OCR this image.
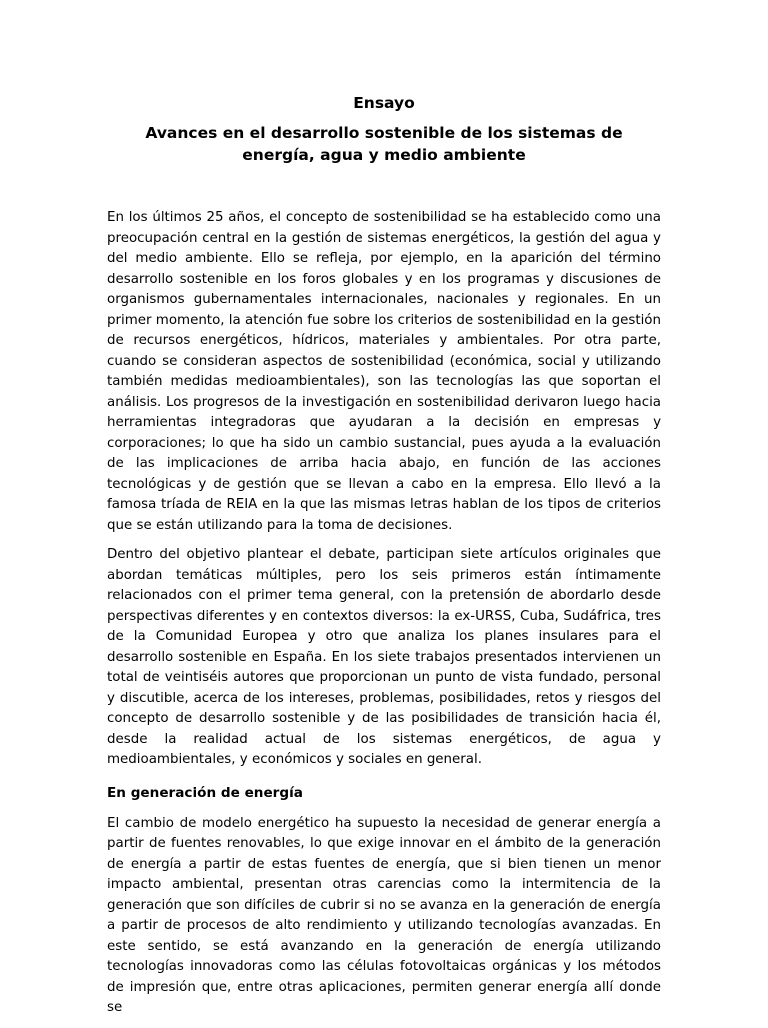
Ensayo
Avances en el desarrollo sostenible de los sistemas de energía, agua y medio ambiente

En los últimos 25 años, el concepto de sostenibilidad se ha establecido como una preocupación central en la gestión de sistemas energéticos, la gestión del agua y del medio ambiente. Ello se refleja, por ejemplo, en la aparición del término desarrollo sostenible en los foros globales y en los programas y discusiones de organismos gubernamentales internacionales, nacionales y regionales. En un primer momento, la atención fue sobre los criterios de sostenibilidad en la gestión de recursos energéticos, hídricos, materiales y ambientales. Por otra parte, cuando se consideran aspectos de sostenibilidad (económica, social y utilizando también medidas medioambientales), son las tecnologías las que soportan el análisis. Los progresos de la investigación en sostenibilidad derivaron luego hacia herramientas integradoras que ayudaran a la decisión en empresas y corporaciones; lo que ha sido un cambio sustancial, pues ayuda a la evaluación de las implicaciones de arriba hacia abajo, en función de las acciones tecnológicas y de gestión que se llevan a cabo en la empresa. Ello llevó a la famosa tríada de REIA en la que las mismas letras hablan de los tipos de criterios que se están utilizando para la toma de decisiones.

Dentro del objetivo plantear el debate, participan siete artículos originales que abordan temáticas múltiples, pero los seis primeros están íntimamente relacionados con el primer tema general, con la pretensión de abordarlo desde perspectivas diferentes y en contextos diversos: la ex-URSS, Cuba, Sudáfrica, tres de la Comunidad Europea y otro que analiza los planes insulares para el desarrollo sostenible en España. En los siete trabajos presentados intervienen un total de veintiséis autores que proporcionan un punto de vista fundado, personal y discutible, acerca de los intereses, problemas, posibilidades, retos y riesgos del concepto de desarrollo sostenible y de las posibilidades de transición hacia él, desde la realidad actual de los sistemas energéticos, de agua y medioambientales, y económicos y sociales en general.

En generación de energía

El cambio de modelo energético ha supuesto la necesidad de generar energía a partir de fuentes renovables, lo que exige innovar en el ámbito de la generación de energía a partir de estas fuentes de energía, que si bien tienen un menor impacto ambiental, presentan otras carencias como la intermitencia de la generación que son difíciles de cubrir si no se avanza en la generación de energía a partir de procesos de alto rendimiento y utilizando tecnologías avanzadas. En este sentido, se está avanzando en la generación de energía utilizando tecnologías innovadoras como las células fotovoltaicas orgánicas y los métodos de impresión que, entre otras aplicaciones, permiten generar energía allí donde se
